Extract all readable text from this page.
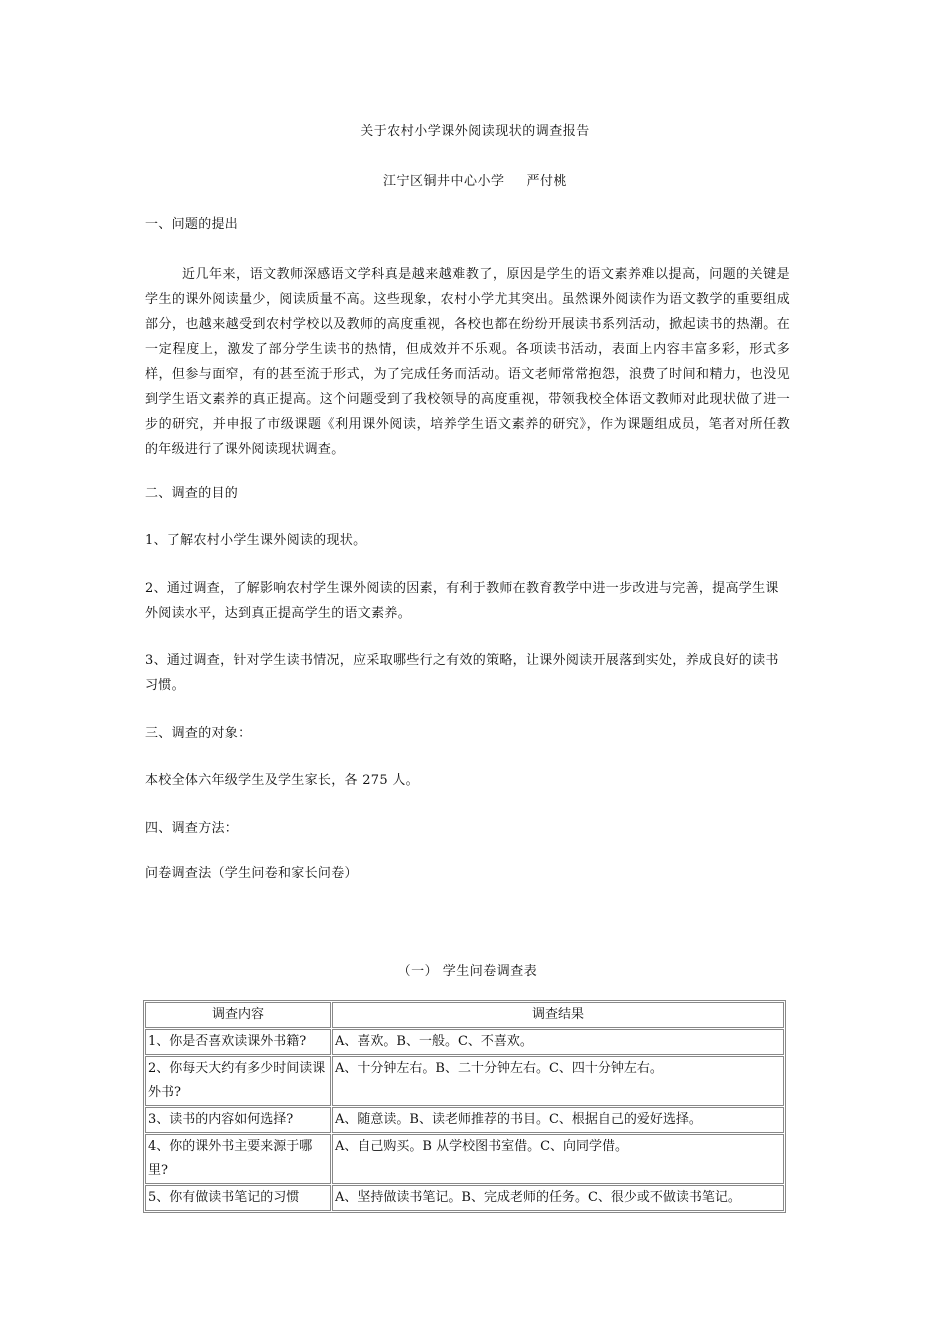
关于农村小学课外阅读现状的调查报告
江宁区铜井中心小学 严付桃
一、问题的提出
近几年来，语文教师深感语文学科真是越来越难教了，原因是学生的语文素养难以提高，问题的关键是学生的课外阅读量少，阅读质量不高。这些现象，农村小学尤其突出。虽然课外阅读作为语文教学的重要组成部分，也越来越受到农村学校以及教师的高度重视，各校也都在纷纷开展读书系列活动，掀起读书的热潮。在一定程度上，激发了部分学生读书的热情，但成效并不乐观。各项读书活动，表面上内容丰富多彩，形式多样，但参与面窄，有的甚至流于形式，为了完成任务而活动。语文老师常常抱怨，浪费了时间和精力，也没见到学生语文素养的真正提高。这个问题受到了我校领导的高度重视，带领我校全体语文教师对此现状做了进一步的研究，并申报了市级课题《利用课外阅读，培养学生语文素养的研究》，作为课题组成员，笔者对所任教的年级进行了课外阅读现状调查。
二、调查的目的
1、了解农村小学生课外阅读的现状。
2、通过调查，了解影响农村学生课外阅读的因素，有利于教师在教育教学中进一步改进与完善，提高学生课外阅读水平，达到真正提高学生的语文素养。
3、通过调查，针对学生读书情况，应采取哪些行之有效的策略，让课外阅读开展落到实处，养成良好的读书习惯。
三、调查的对象：
本校全体六年级学生及学生家长，各 275 人。
四、调查方法：
问卷调查法（学生问卷和家长问卷）
（一） 学生问卷调查表
调查内容	调查结果
1、你是否喜欢读课外书籍?	A、喜欢。B、一般。C、不喜欢。
2、你每天大约有多少时间读课外书?	A、十分钟左右。B、二十分钟左右。C、四十分钟左右。
3、读书的内容如何选择?	A、随意读。B、读老师推荐的书目。C、根据自己的爱好选择。
4、你的课外书主要来源于哪里?	A、自己购买。B 从学校图书室借。C、向同学借。
5、你有做读书笔记的习惯	A、坚持做读书笔记。B、完成老师的任务。C、很少或不做读书笔记。
